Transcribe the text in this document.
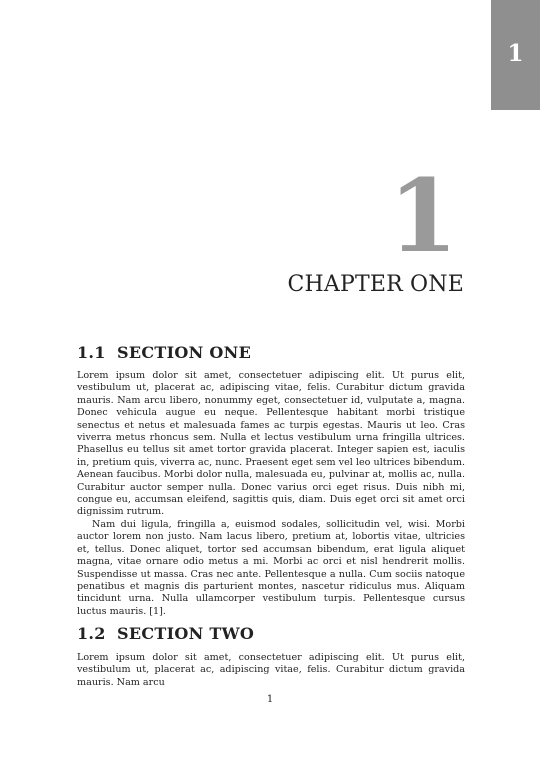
1
1
CHAPTER ONE
1.1 SECTION ONE

Lorem ipsum dolor sit amet, consectetuer adipiscing elit. Ut purus elit, vestibulum ut, placerat ac, adipiscing vitae, felis. Curabitur dictum gravida mauris. Nam arcu libero, nonummy eget, consectetuer id, vulputate a, magna. Donec vehicula augue eu neque. Pellentesque habitant morbi tristique senectus et netus et malesuada fames ac turpis egestas. Mauris ut leo. Cras viverra metus rhoncus sem. Nulla et lectus vestibulum urna fringilla ultrices. Phasellus eu tellus sit amet tortor gravida placerat. Integer sapien est, iaculis in, pretium quis, viverra ac, nunc. Praesent eget sem vel leo ultrices bibendum. Aenean faucibus. Morbi dolor nulla, malesuada eu, pulvinar at, mollis ac, nulla. Curabitur auctor semper nulla. Donec varius orci eget risus. Duis nibh mi, congue eu, accumsan eleifend, sagittis quis, diam. Duis eget orci sit amet orci dignissim rutrum.

Nam dui ligula, fringilla a, euismod sodales, sollicitudin vel, wisi. Morbi auctor lorem non justo. Nam lacus libero, pretium at, lobortis vitae, ultricies et, tellus. Donec aliquet, tortor sed accumsan bibendum, erat ligula aliquet magna, vitae ornare odio metus a mi. Morbi ac orci et nisl hendrerit mollis. Suspendisse ut massa. Cras nec ante. Pellentesque a nulla. Cum sociis natoque penatibus et magnis dis parturient montes, nascetur ridiculus mus. Aliquam tincidunt urna. Nulla ullamcorper vestibulum turpis. Pellentesque cursus luctus mauris. [1].

1.2 SECTION TWO

Lorem ipsum dolor sit amet, consectetuer adipiscing elit. Ut purus elit, vestibulum ut, placerat ac, adipiscing vitae, felis. Curabitur dictum gravida mauris. Nam arcu

1
